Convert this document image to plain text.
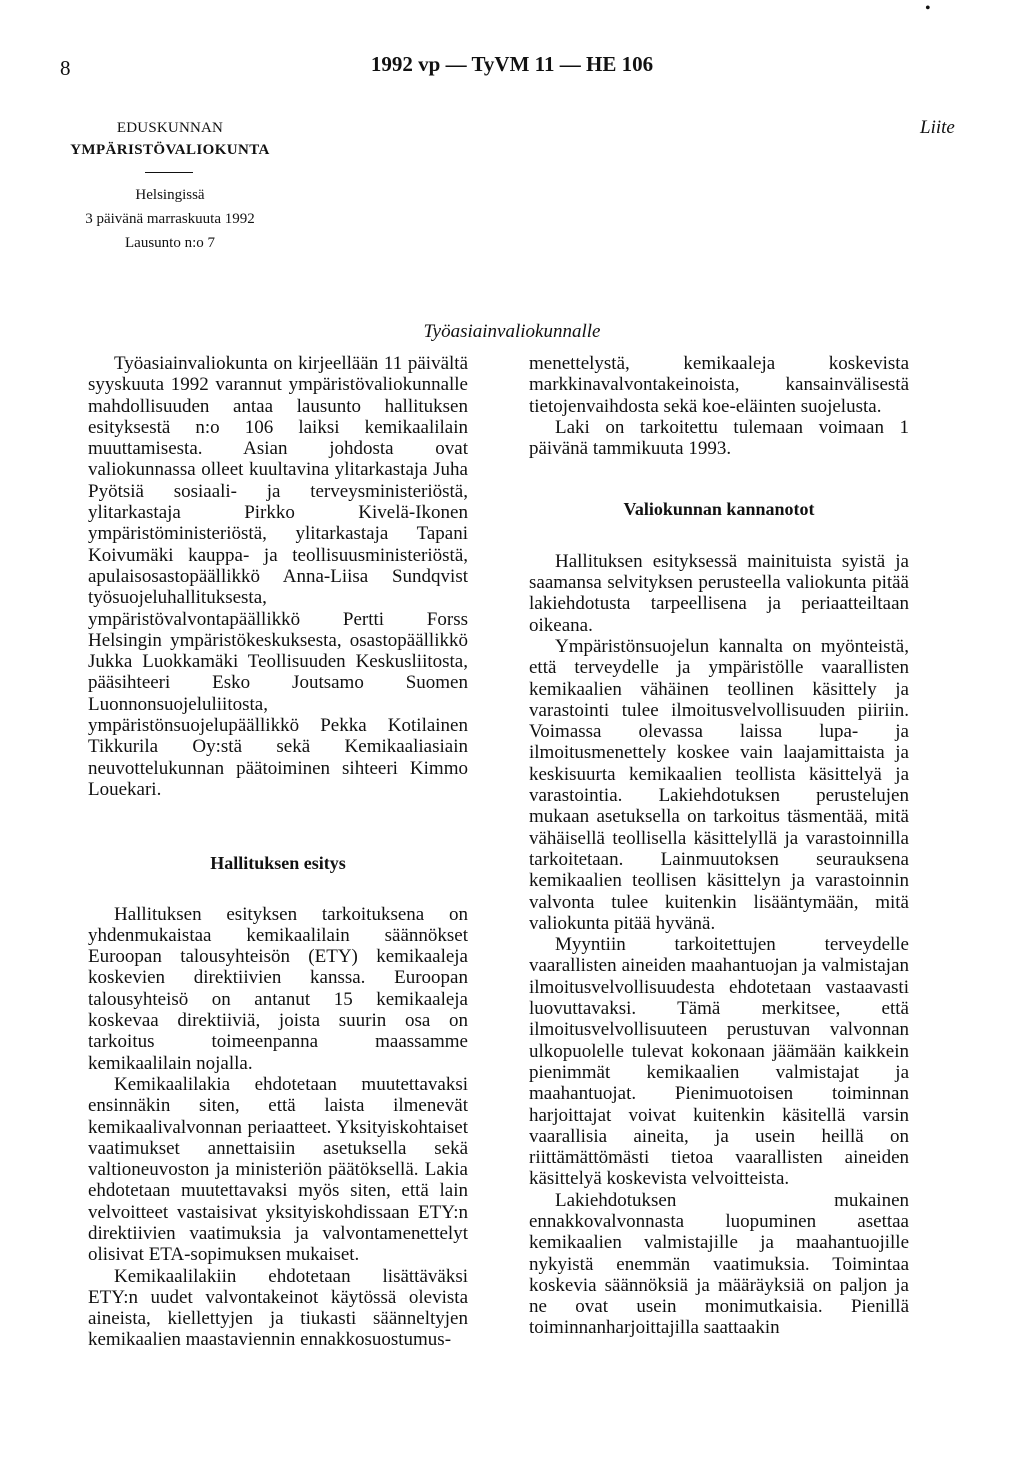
8	1992 vp — TyVM 11 — HE 106
•
EDUSKUNNAN
YMPÄRISTÖVALIOKUNTA
Helsingissä
3 päivänä marraskuuta 1992
Lausunto n:o 7
Liite
Työasiainvaliokunnalle

Työasiainvaliokunta on kirjeellään 11 päivältä syyskuuta 1992 varannut ympäristövaliokunnalle mahdollisuuden antaa lausunto hallituksen esityksestä n:o 106 laiksi kemikaalilain muuttamisesta. Asian johdosta ovat valiokunnassa olleet kuultavina ylitarkastaja Juha Pyötsiä sosiaali- ja terveysministeriöstä, ylitarkastaja Pirkko Kivelä-Ikonen ympäristöministeriöstä, ylitarkastaja Tapani Koivumäki kauppa- ja teollisuusministeriöstä, apulaisosastopäällikkö Anna-Liisa Sundqvist työsuojeluhallituksesta, ympäristövalvontapäällikkö Pertti Forss Helsingin ympäristökeskuksesta, osastopäällikkö Jukka Luokkamäki Teollisuuden Keskusliitosta, pääsihteeri Esko Joutsamo Suomen Luonnonsuojeluliitosta, ympäristönsuojelupäällikkö Pekka Kotilainen Tikkurila Oy:stä sekä Kemikaaliasiain neuvottelukunnan päätoiminen sihteeri Kimmo Louekari.

Hallituksen esitys

Hallituksen esityksen tarkoituksena on yhdenmukaistaa kemikaalilain säännökset Euroopan talousyhteisön (ETY) kemikaaleja koskevien direktiivien kanssa. Euroopan talousyhteisö on antanut 15 kemikaaleja koskevaa direktiiviä, joista suurin osa on tarkoitus toimeenpanna maassamme kemikaalilain nojalla.

Kemikaalilakia ehdotetaan muutettavaksi ensinnäkin siten, että laista ilmenevät kemikaalivalvonnan periaatteet. Yksityiskohtaiset vaatimukset annettaisiin asetuksella sekä valtioneuvoston ja ministeriön päätöksellä. Lakia ehdotetaan muutettavaksi myös siten, että lain velvoitteet vastaisivat yksityiskohdissaan ETY:n direktiivien vaatimuksia ja valvontamenettelyt olisivat ETA-sopimuksen mukaiset.

Kemikaalilakiin ehdotetaan lisättäväksi ETY:n uudet valvontakeinot käytössä olevista aineista, kiellettyjen ja tiukasti säänneltyjen kemikaalien maastaviennin ennakkosuostumus-

menettelystä, kemikaaleja koskevista markkinavalvontakeinoista, kansainvälisestä tietojenvaihdosta sekä koe-eläinten suojelusta.

Laki on tarkoitettu tulemaan voimaan 1 päivänä tammikuuta 1993.

Valiokunnan kannanotot

Hallituksen esityksessä mainituista syistä ja saamansa selvityksen perusteella valiokunta pitää lakiehdotusta tarpeellisena ja periaatteiltaan oikeana.

Ympäristönsuojelun kannalta on myönteistä, että terveydelle ja ympäristölle vaarallisten kemikaalien vähäinen teollinen käsittely ja varastointi tulee ilmoitusvelvollisuuden piiriin. Voimassa olevassa laissa lupa- ja ilmoitusmenettely koskee vain laajamittaista ja keskisuurta kemikaalien teollista käsittelyä ja varastointia. Lakiehdotuksen perustelujen mukaan asetuksella on tarkoitus täsmentää, mitä vähäisellä teollisella käsittelyllä ja varastoinnilla tarkoitetaan. Lainmuutoksen seurauksena kemikaalien teollisen käsittelyn ja varastoinnin valvonta tulee kuitenkin lisääntymään, mitä valiokunta pitää hyvänä.

Myyntiin tarkoitettujen terveydelle vaarallisten aineiden maahantuojan ja valmistajan ilmoitusvelvollisuudesta ehdotetaan vastaavasti luovuttavaksi. Tämä merkitsee, että ilmoitusvelvollisuuteen perustuvan valvonnan ulkopuolelle tulevat kokonaan jäämään kaikkein pienimmät kemikaalien valmistajat ja maahantuojat. Pienimuotoisen toiminnan harjoittajat voivat kuitenkin käsitellä varsin vaarallisia aineita, ja usein heillä on riittämättömästi tietoa vaarallisten aineiden käsittelyä koskevista velvoitteista.

Lakiehdotuksen mukainen ennakkovalvonnasta luopuminen asettaa kemikaalien valmistajille ja maahantuojille nykyistä enemmän vaatimuksia. Toimintaa koskevia säännöksiä ja määräyksiä on paljon ja ne ovat usein monimutkaisia. Pienillä toiminnanharjoittajilla saattaakin
